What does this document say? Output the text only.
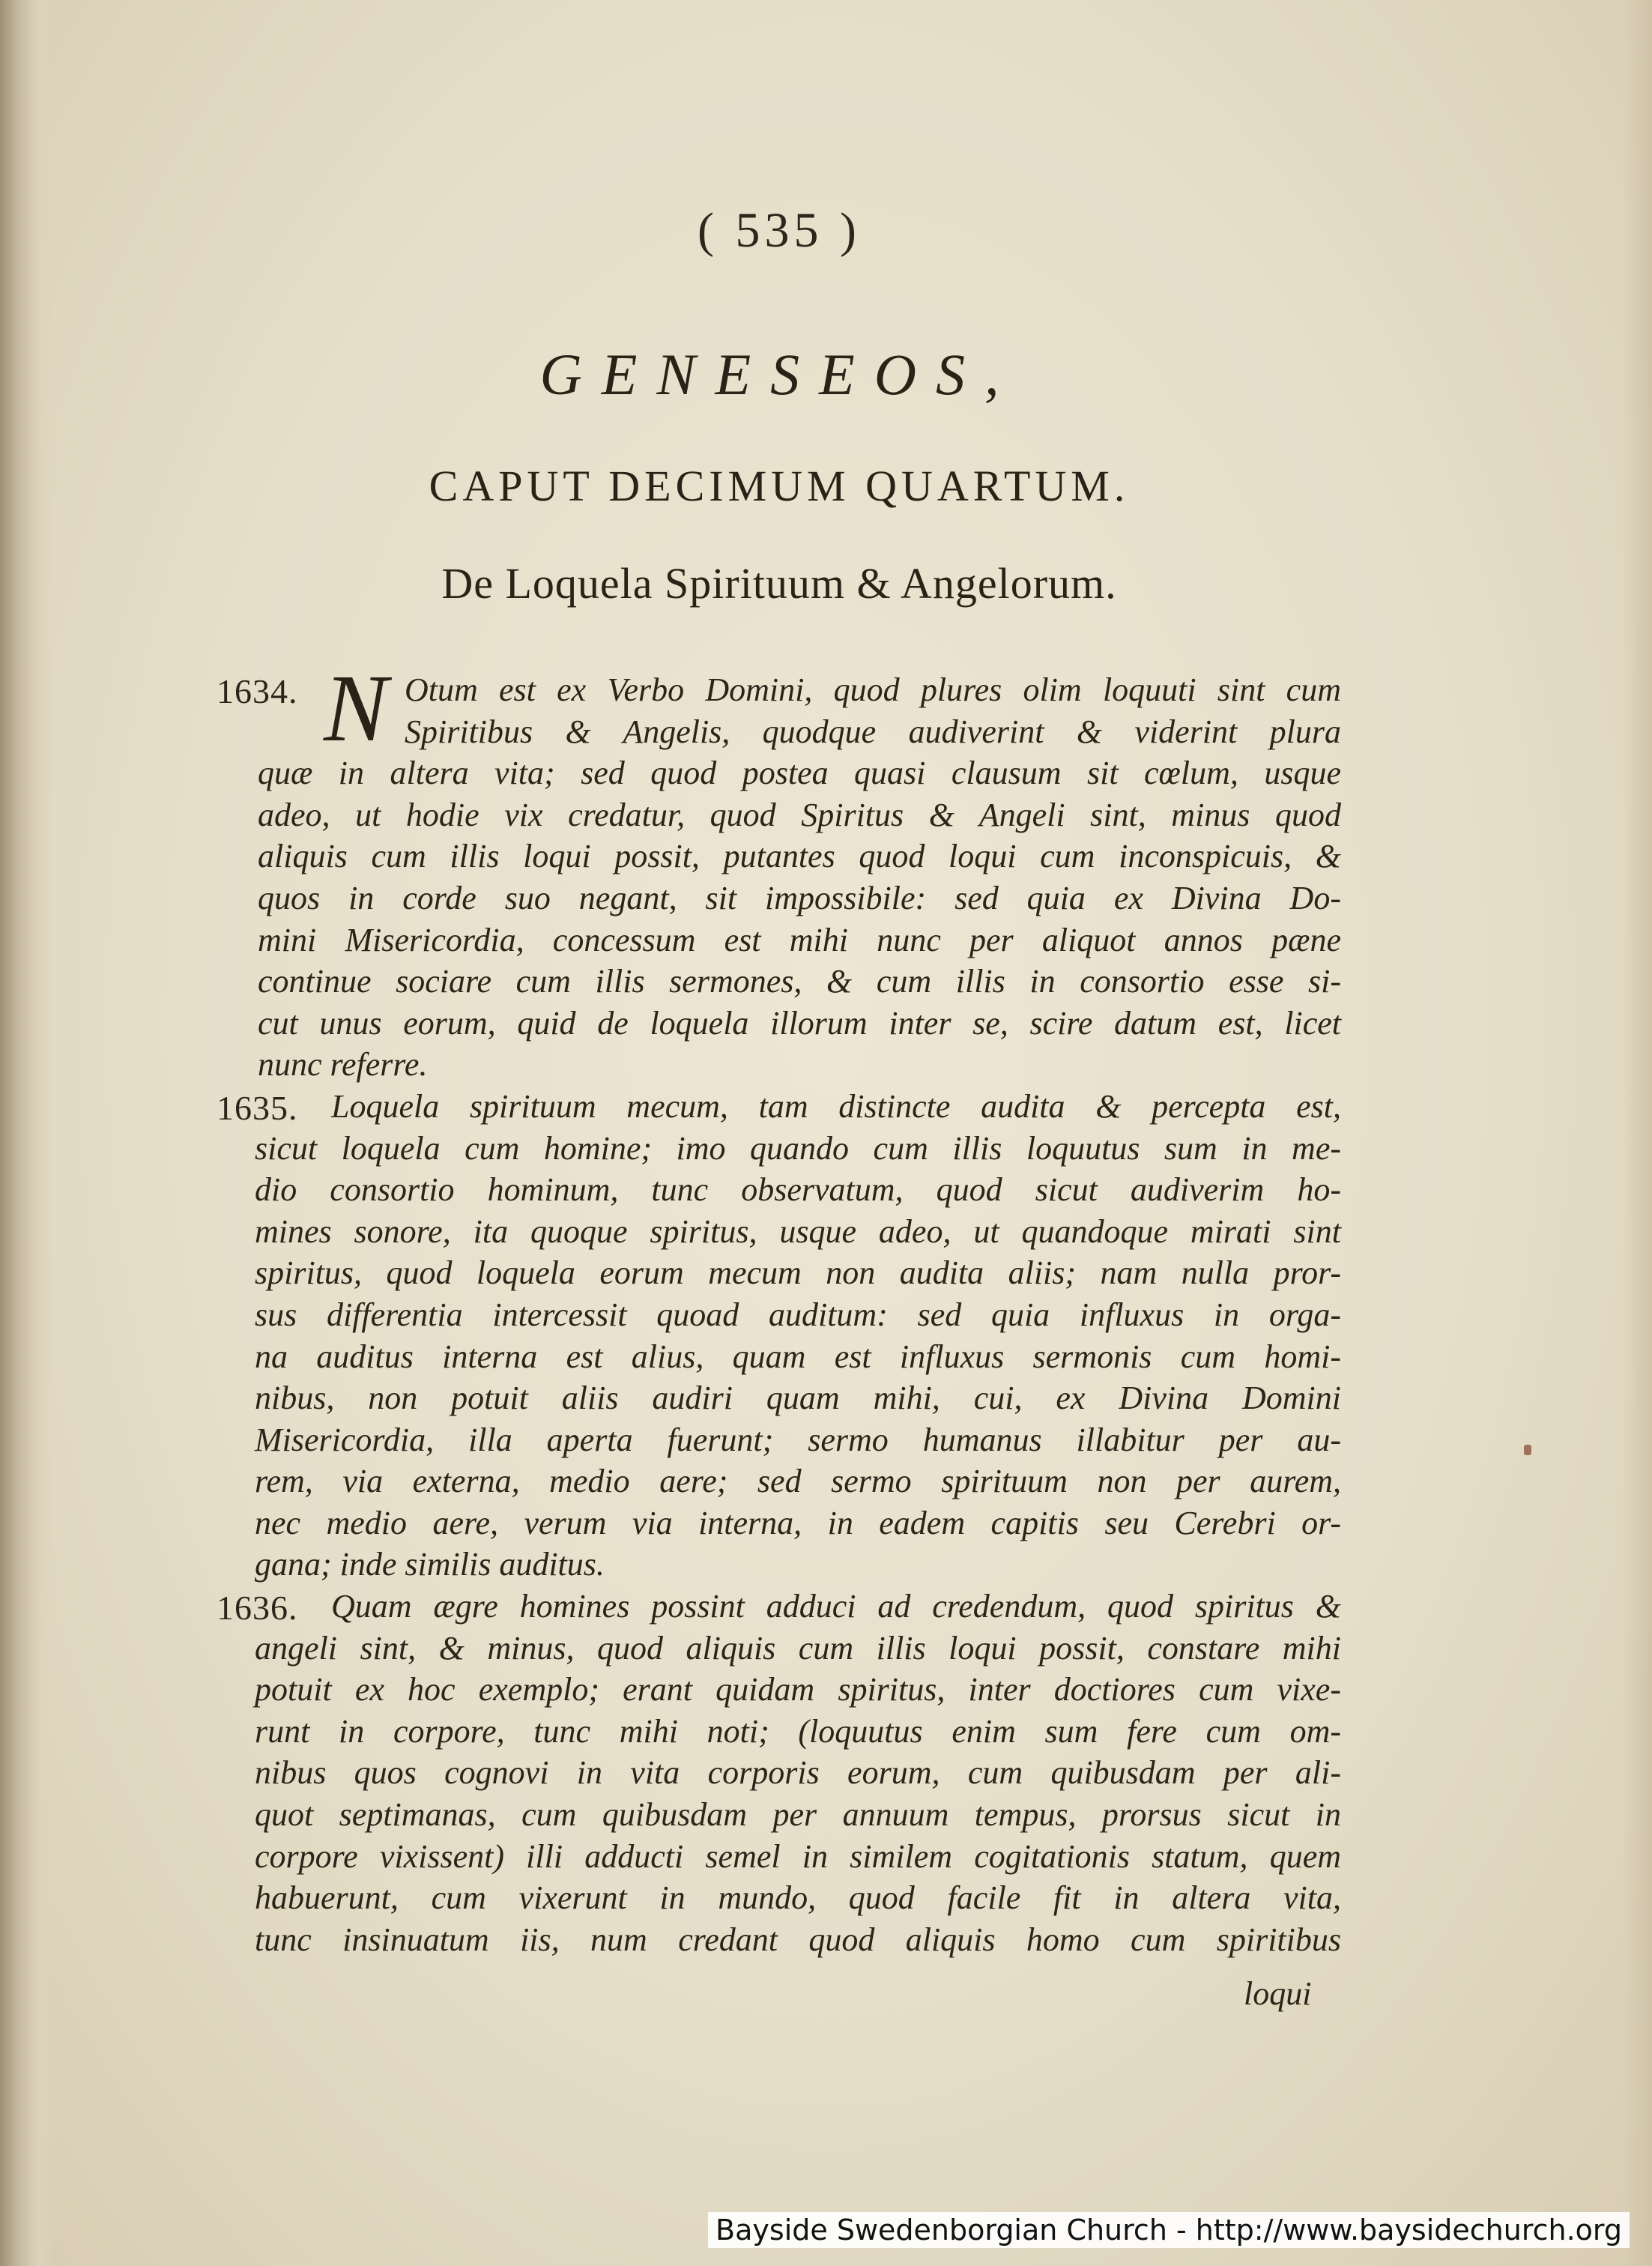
( 535 )
GENESEOS,
CAPUT DECIMUM QUARTUM.
De Loquela Spirituum & Angelorum.
1634. N Otum est ex Verbo Domini, quod plures olim loquuti sint cum
Spiritibus & Angelis, quodque audiverint & viderint plura
quæ in altera vita; sed quod postea quasi clausum sit cœlum, usque
adeo, ut hodie vix credatur, quod Spiritus & Angeli sint, minus quod
aliquis cum illis loqui possit, putantes quod loqui cum inconspicuis, &
quos in corde suo negant, sit impossibile: sed quia ex Divina Do-
mini Misericordia, concessum est mihi nunc per aliquot annos pæne
continue sociare cum illis sermones, & cum illis in consortio esse si-
cut unus eorum, quid de loquela illorum inter se, scire datum est, licet
nunc referre.
1635.	Loquela spirituum mecum, tam distincte audita & percepta est,
sicut loquela cum homine; imo quando cum illis loquutus sum in me-
dio consortio hominum, tunc observatum, quod sicut audiverim ho-
mines sonore, ita quoque spiritus, usque adeo, ut quandoque mirati sint
spiritus, quod loquela eorum mecum non audita aliis; nam nulla pror-
sus differentia intercessit quoad auditum: sed quia influxus in orga-
na auditus interna est alius, quam est influxus sermonis cum homi-
nibus, non potuit aliis audiri quam mihi, cui, ex Divina Domini
Misericordia, illa aperta fuerunt; sermo humanus illabitur per au-
rem, via externa, medio aere; sed sermo spirituum non per aurem,
nec medio aere, verum via interna, in eadem capitis seu Cerebri or-
gana; inde similis auditus.
1636.	Quam ægre homines possint adduci ad credendum, quod spiritus &
angeli sint, & minus, quod aliquis cum illis loqui possit, constare mihi
potuit ex hoc exemplo; erant quidam spiritus, inter doctiores cum vixe-
runt in corpore, tunc mihi noti; (loquutus enim sum fere cum om-
nibus quos cognovi in vita corporis eorum, cum quibusdam per ali-
quot septimanas, cum quibusdam per annuum tempus, prorsus sicut in
corpore vixissent) illi adducti semel in similem cogitationis statum, quem
habuerunt, cum vixerunt in mundo, quod facile fit in altera vita,
tunc insinuatum iis, num credant quod aliquis homo cum spiritibus
loqui
Bayside Swedenborgian Church - http://www.baysidechurch.org
